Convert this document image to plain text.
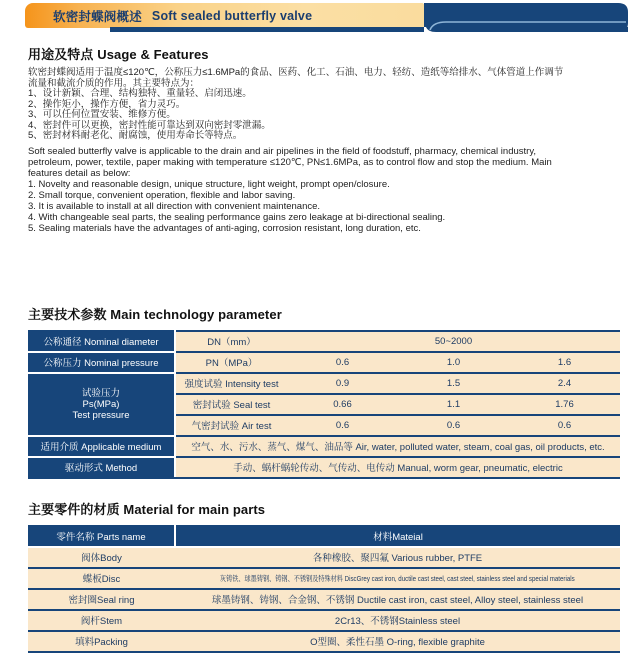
软密封蝶阀概述 Soft sealed butterfly valve
用途及特点 Usage & Features
软密封蝶阀适用于温度≤120℃，公称压力≤1.6MPa的食品、医药、化工、石油、电力、轻纺、造纸等给排水、气体管道上作调节
流量和截流介质的作用。其主要特点为：
1、设计新颖、合理、结构独特、重量轻、启闭迅速。
2、操作矩小，操作方便，省力灵巧。
3、可以任何位置安装、维修方便。
4、密封件可以更换，密封性能可靠达到双向密封零泄漏。
5、密封材料耐老化、耐腐蚀，使用寿命长等特点。
Soft sealed butterfly valve is applicable to the drain and air pipelines in the field of foodstuff, pharmacy, chemical industry,
petroleum, power, textile, paper making with temperature ≤120℃, PN≤1.6MPa, as to control flow and stop the medium. Main
features detail as below:
1. Novelty and reasonable design, unique structure, light weight, prompt open/closure.
2. Small torque, convenient operation, flexible and labor saving.
3. It is available to install at all direction with convenient maintenance.
4. With changeable seal parts, the sealing performance gains zero leakage at bi-directional sealing.
5. Sealing materials have the advantages of anti-aging, corrosion resistant, long duration, etc.
主要技术参数 Main technology parameter
公称通径 Nominal diameter	DN（mm）	50~2000		
公称压力 Nominal pressure	PN（MPa）	0.6	1.0	1.6

试验压力
Ps(MPa)
Test pressure	强度试验 Intensity test	0.9	1.5	2.4
	密封试验 Seal test	0.66	1.1	1.76
	气密封试验 Air test	0.6	0.6	0.6
适用介质 Applicable medium	空气、水、污水、蒸气、煤气、油品等 Air, water, polluted water, steam, coal gas, oil products, etc.			
驱动形式 Method	手动、蜗杆蜗轮传动、气传动、电传动 Manual, worm gear, pneumatic, electric			
主要零件的材质 Material for main parts
零件名称 Parts name	材料Mateial
阀体Body	各种橡胶、聚四氟 Various rubber, PTFE
蝶板Disc	灰铸铁、球墨铸钢、铸钢、不锈钢及特殊材料 DiscGrey cast iron, ductile cast steel, cast steel, stainless steel and special materials
密封圈Seal ring	球墨铸钢、铸钢、合金钢、不锈钢 Ductile cast iron, cast steel, Alloy steel, stainless steel
阀杆Stem	2Cr13、不锈钢Stainless steel
填料Packing	O型圈、柔性石墨 O-ring, flexible graphite
